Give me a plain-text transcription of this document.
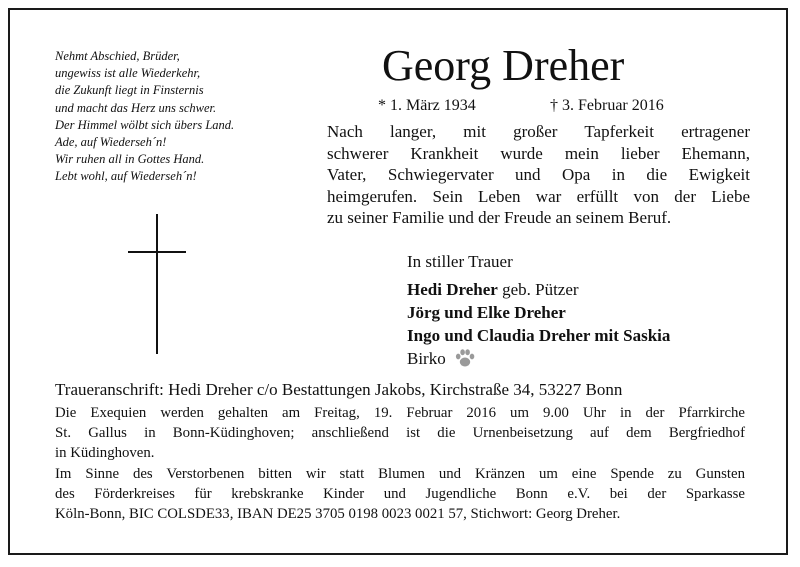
Nehmt Abschied, Brüder,
ungewiss ist alle Wiederkehr,
die Zukunft liegt in Finsternis
und macht das Herz uns schwer.
Der Himmel wölbt sich übers Land.
Ade, auf Wiederseh´n!
Wir ruhen all in Gottes Hand.
Lebt wohl, auf Wiederseh´n!
Georg Dreher
* 1. März 1934	† 3. Februar 2016
Nach langer, mit großer Tapferkeit ertragener
schwerer Krankheit wurde mein lieber Ehemann,
Vater, Schwiegervater und Opa in die Ewigkeit
heimgerufen. Sein Leben war erfüllt von der Liebe
zu seiner Familie und der Freude an seinem Beruf.
In stiller Trauer
Hedi Dreher geb. Pützer
Jörg und Elke Dreher
Ingo und Claudia Dreher mit Saskia
Birko
Traueranschrift: Hedi Dreher c/o Bestattungen Jakobs, Kirchstraße 34, 53227 Bonn
Die Exequien werden gehalten am Freitag, 19. Februar 2016 um 9.00 Uhr in der Pfarrkirche
St. Gallus in Bonn-Küdinghoven; anschließend ist die Urnenbeisetzung auf dem Bergfriedhof
in Küdinghoven.
Im Sinne des Verstorbenen bitten wir statt Blumen und Kränzen um eine Spende zu Gunsten
des Förderkreises für krebskranke Kinder und Jugendliche Bonn e.V. bei der Sparkasse
Köln-Bonn, BIC COLSDE33, IBAN DE25 3705 0198 0023 0021 57, Stichwort: Georg Dreher.
